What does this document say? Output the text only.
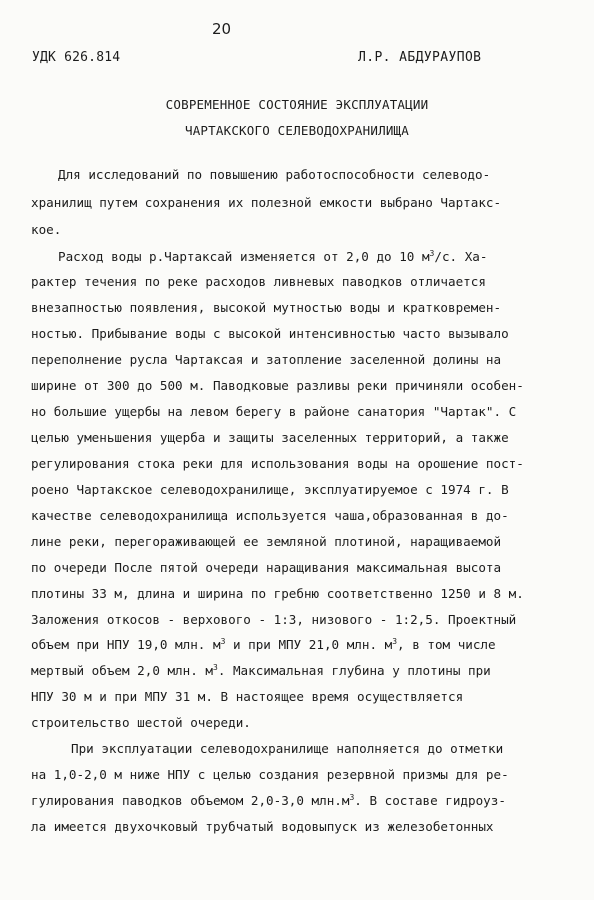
20
УДК 626.814	Л.Р. АБДУРАУПОВ
СОВРЕМЕННОЕ СОСТОЯНИЕ ЭКСПЛУАТАЦИИ
ЧАРТАКСКОГО СЕЛЕВОДОХРАНИЛИЩА
Для исследований по повышению работоспособности селеводо-
хранилищ путем сохранения их полезной емкости выбрано Чартакс-
кое.
Расход воды р.Чартаксай изменяется от 2,0 до 10 $м^3/с$. Ха-
рактер течения по реке расходов ливневых паводков отличается
внезапностью появления, высокой мутностью воды и кратковремен-
ностью. Прибывание воды с высокой интенсивностью часто вызывало
переполнение русла Чартаксая и затопление заселенной долины на
ширине от 300 до 500 м. Паводковые разливы реки причиняли особен-
но большие ущербы на левом берегу в районе санатория "Чартак". С
целью уменьшения ущерба и защиты заселенных территорий, а также
регулирования стока реки для использования воды на орошение пост-
роено Чартакское селеводохранилище, эксплуатируемое с 1974 г. В
качестве селеводохранилища используется чаша,образованная в до-
лине реки, перегораживающей ее земляной плотиной, наращиваемой
по очереди После пятой очереди наращивания максимальная высота
плотины 33 м, длина и ширина по гребню соответственно 1250 и 8 м.
Заложения откосов - верхового - 1:3, низового - 1:2,5. Проектный
объем при НПУ 19,0 млн. $м^3$ и при МПУ 21,0 млн. $м^3$, в том числе
мертвый объем 2,0 млн. $м^3$. Максимальная глубина у плотины при
НПУ 30 м и при МПУ 31 м. В настоящее время осуществляется
строительство шестой очереди.
При эксплуатации селеводохранилище наполняется до отметки
на 1,0-2,0 м ниже НПУ с целью создания резервной призмы для ре-
гулирования паводков объемом 2,0-3,0 $млн.м^3$. В составе гидроуз-
ла имеется двухочковый трубчатый водовыпуск из железобетонных
